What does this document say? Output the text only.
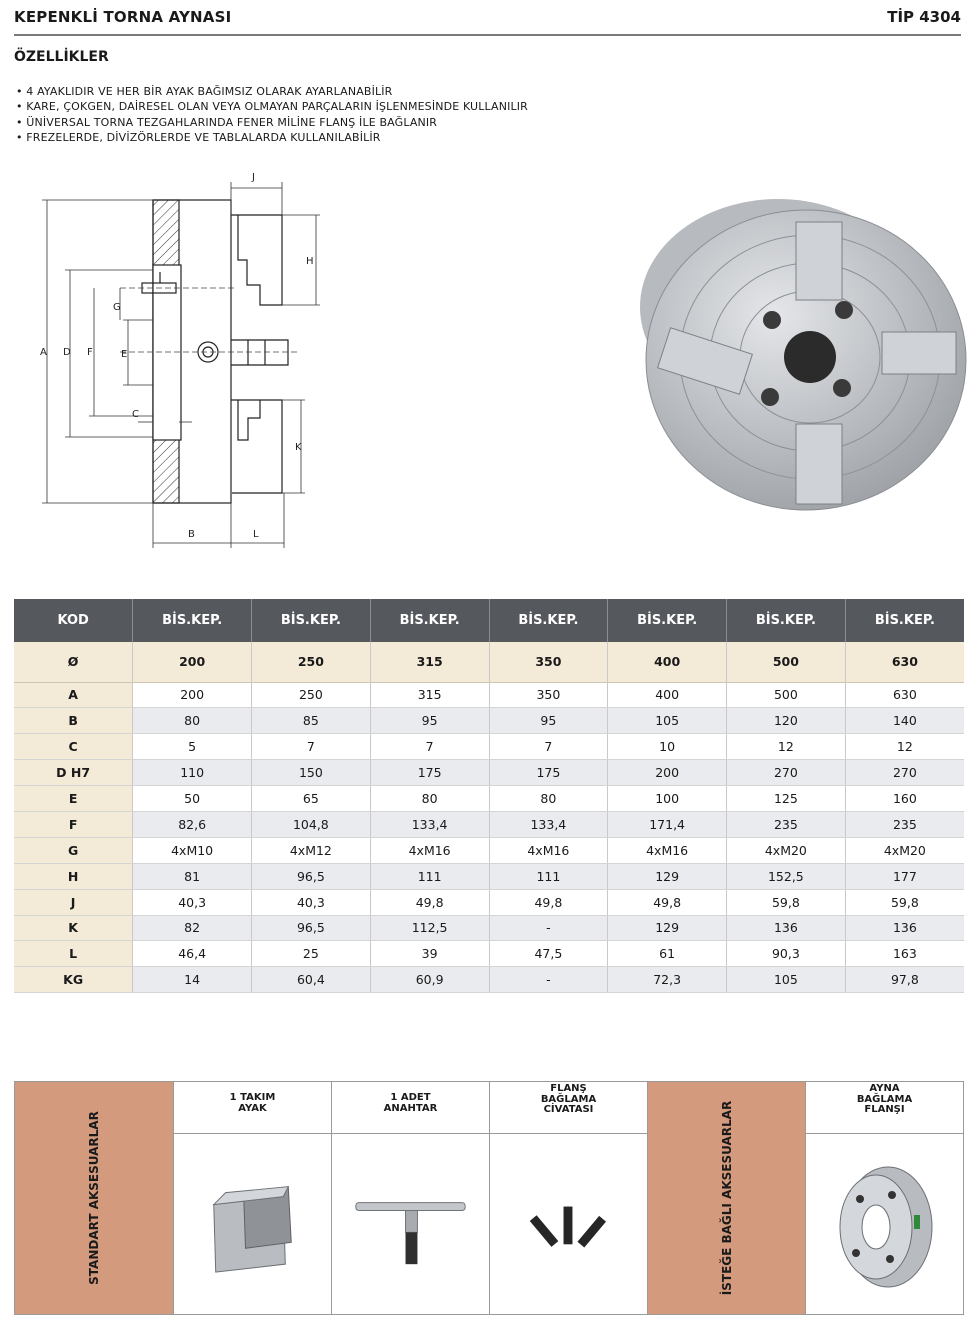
KEPENKLİ TORNA AYNASI	TİP 4304
ÖZELLİKLER
• 4 AYAKLIDIR VE HER BİR AYAK BAĞIMSIZ OLARAK AYARLANABİLİR
• KARE, ÇOKGEN, DAİRESEL OLAN VEYA OLMAYAN PARÇALARIN İŞLENMESİNDE KULLANILIR
• ÜNİVERSAL TORNA TEZGAHLARINDA FENER MİLİNE FLANŞ İLE BAĞLANIR
• FREZELERDE, DİVİZÖRLERDE VE TABLALARDA KULLANILABİLİR
A D F	E
G
C
H
J
K
B	L
KOD	BİS.KEP.	BİS.KEP.	BİS.KEP.	BİS.KEP.	BİS.KEP.	BİS.KEP.	BİS.KEP.
Ø	200	250	315	350	400	500	630
A	200	250	315	350	400	500	630
B	80	85	95	95	105	120	140
C	5	7	7	7	10	12	12
D H7	110	150	175	175	200	270	270
E	50	65	80	80	100	125	160
F	82,6	104,8	133,4	133,4	171,4	235	235
G	4xM10	4xM12	4xM16	4xM16	4xM16	4xM20	4xM20
H	81	96,5	111	111	129	152,5	177
J	40,3	40,3	49,8	49,8	49,8	59,8	59,8
K	82	96,5	112,5	-	129	136	136
L	46,4	25	39	47,5	61	90,3	163
KG	14	60,4	60,9	-	72,3	105	97,8
STANDART AKSESUARLAR
1 TAKIM
AYAK
1 ADET
ANAHTAR
FLANŞ
BAĞLAMA
CİVATASI	İSTEĞE BAĞLI AKSESUARLAR
AYNA
BAĞLAMA
FLANŞI
